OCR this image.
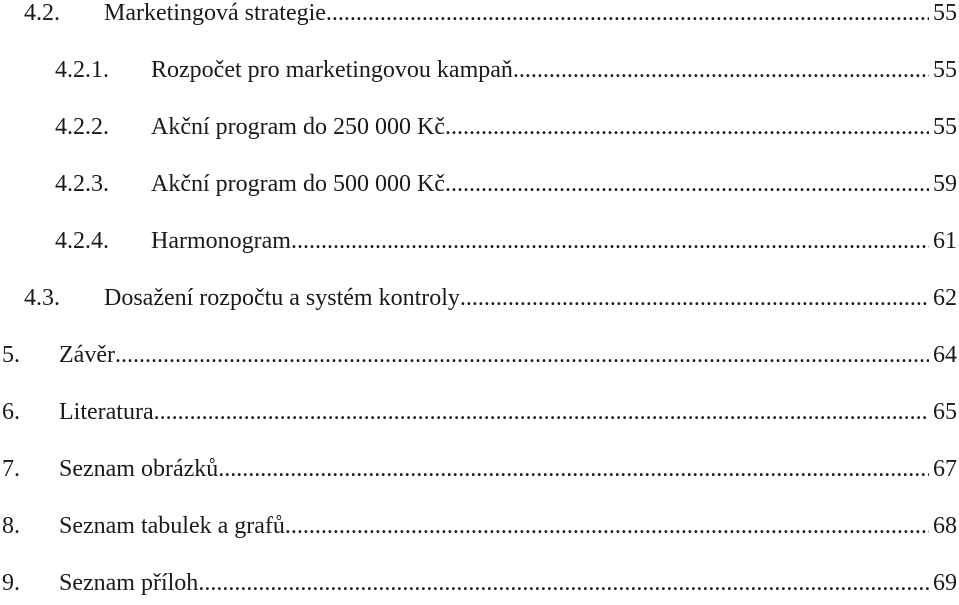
4.2.	Marketingová strategie .....	55
4.2.1.	Rozpočet pro marketingovou kampaň .....	55
4.2.2.	Akční program do 250 000 Kč .....	55
4.2.3.	Akční program do 500 000 Kč .....	59
4.2.4.	Harmonogram .....	61
4.3.	Dosažení rozpočtu a systém kontroly .....	62
5.	Závěr .....	64
6.	Literatura .....	65
7.	Seznam obrázků .....	67
8.	Seznam tabulek a grafů .....	68
9.	Seznam příloh .....	69
